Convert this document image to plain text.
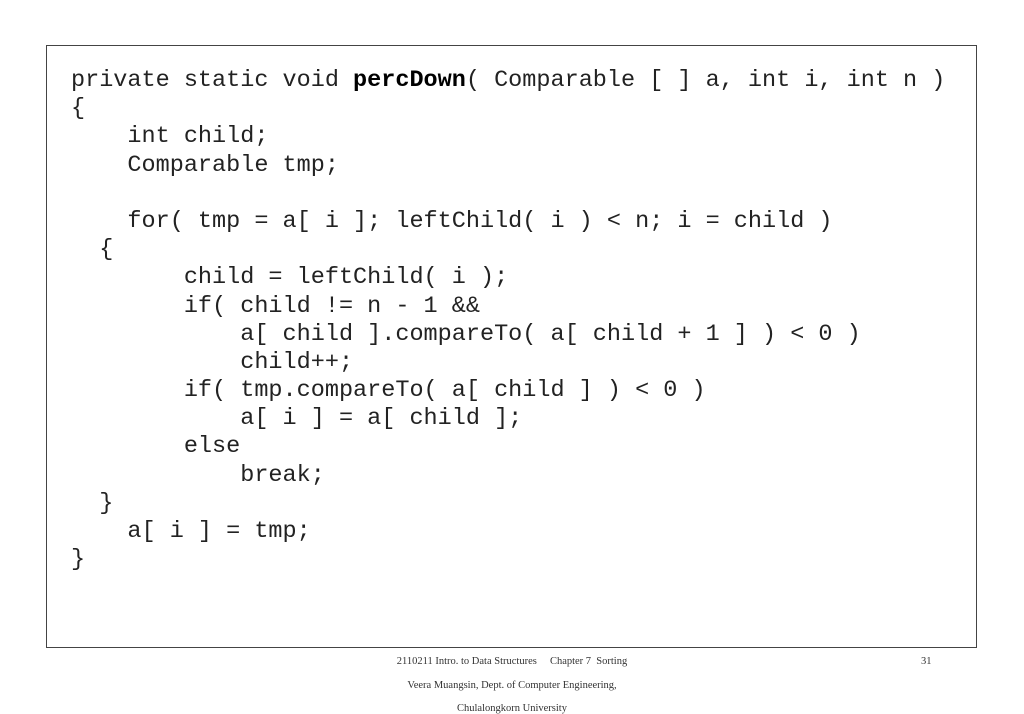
private static void percDown( Comparable [ ] a, int i, int n )
{
int child;
Comparable tmp;
for( tmp = a[ i ]; leftChild( i ) < n; i = child )
{
child = leftChild( i );
if( child != n - 1 &&
a[ child ].compareTo( a[ child + 1 ] ) < 0 )
child++;
if( tmp.compareTo( a[ child ] ) < 0 )
a[ i ] = a[ child ];
else
break;
}
a[ i ] = tmp;
}
2110211 Intro. to Data Structures     Chapter 7  Sorting
Veera Muangsin, Dept. of Computer Engineering,
Chulalongkorn University
31
